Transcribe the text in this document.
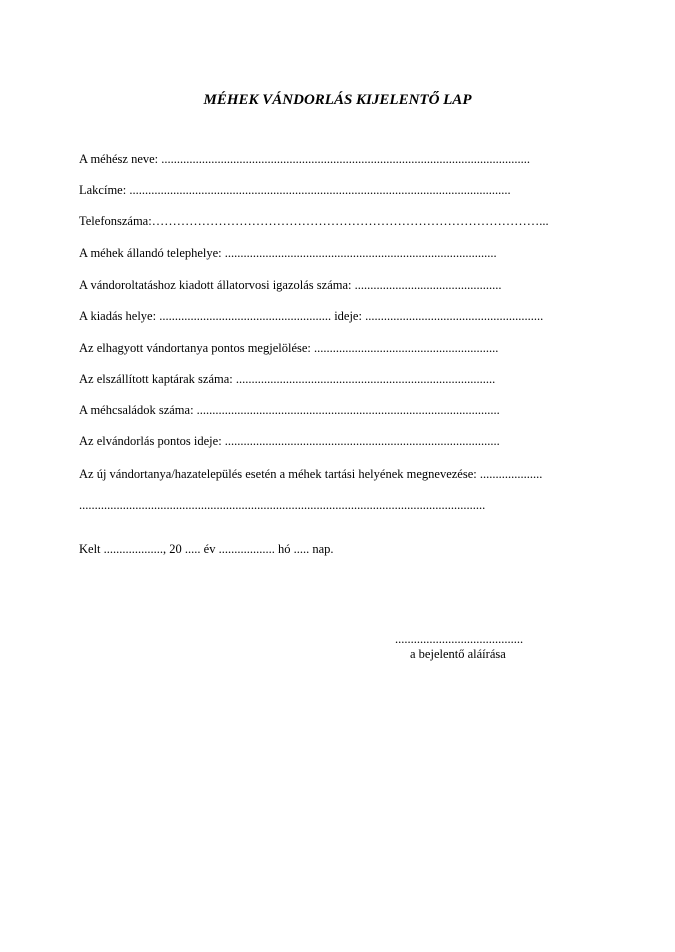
MÉHEK VÁNDORLÁS KIJELENTŐ LAP
A méhész neve: ......................................................................................................................
Lakcíme: ..........................................................................................................................
Telefonszáma:…………………………………………………………………………………...
A méhek állandó telephelye: .......................................................................................
A vándoroltatáshoz kiadott állatorvosi igazolás száma: ...............................................
A kiadás helye: ....................................................... ideje: .........................................................
Az elhagyott vándortanya pontos megjelölése: ...........................................................
Az elszállított kaptárak száma: ...................................................................................
A méhcsaládok száma: .................................................................................................
Az elvándorlás pontos ideje: ........................................................................................
Az új vándortanya/hazatelepülés esetén a méhek tartási helyének megnevezése: ....................
..................................................................................................................................
Kelt ..................., 20 ..... év .................. hó ..... nap.
.........................................
a bejelentő aláírása
